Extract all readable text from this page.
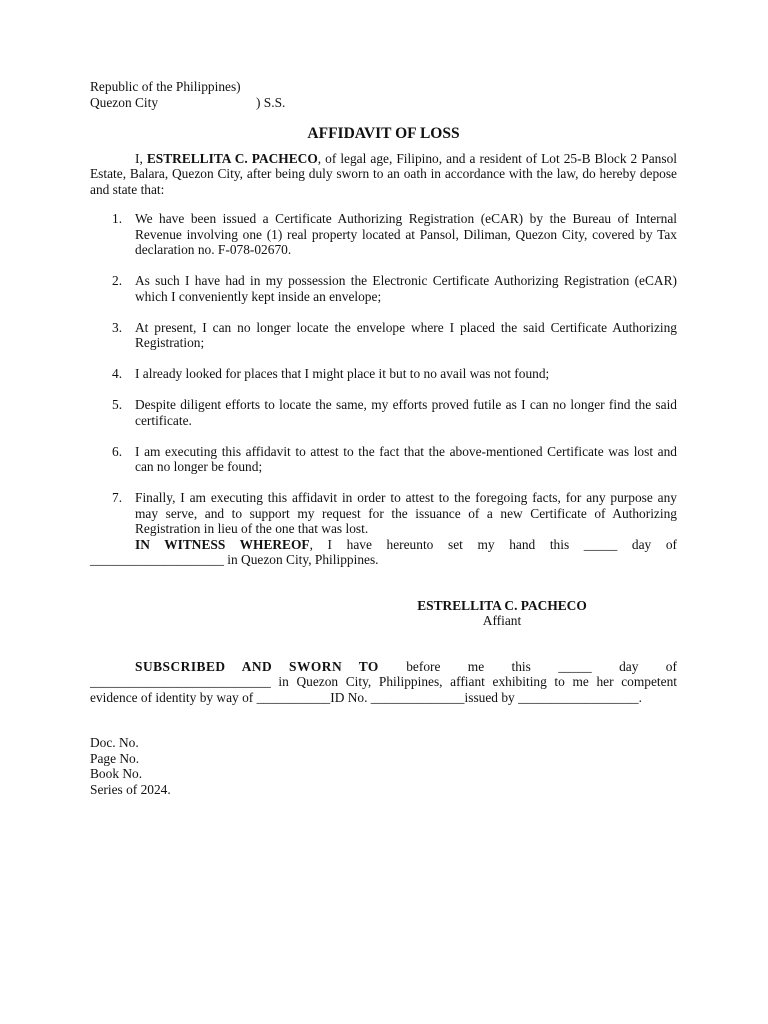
Republic of the Philippines)
Quezon City	) S.S.
AFFIDAVIT OF LOSS

I, ESTRELLITA C. PACHECO, of legal age, Filipino, and a resident of Lot 25-B Block 2 Pansol Estate, Balara, Quezon City, after being duly sworn to an oath in accordance with the law, do hereby depose and state that:

1. We have been issued a Certificate Authorizing Registration (eCAR) by the Bureau of Internal Revenue involving one (1) real property located at Pansol, Diliman, Quezon City, covered by Tax declaration no. F-078-02670.
2. As such I have had in my possession the Electronic Certificate Authorizing Registration (eCAR) which I conveniently kept inside an envelope;
3. At present, I can no longer locate the envelope where I placed the said Certificate Authorizing Registration;
4. I already looked for places that I might place it but to no avail was not found;
5. Despite diligent efforts to locate the same, my efforts proved futile as I can no longer find the said certificate.
6. I am executing this affidavit to attest to the fact that the above-mentioned Certificate was lost and can no longer be found;
7. Finally, I am executing this affidavit in order to attest to the foregoing facts, for any purpose any may serve, and to support my request for the issuance of a new Certificate of Authorizing Registration in lieu of the one that was lost.

IN WITNESS WHEREOF, I have hereunto set my hand this _____ day of ____________________ in Quezon City, Philippines.

ESTRELLITA C. PACHECO
Affiant
SUBSCRIBED AND SWORN TO before me this _____ day of

___________________________ in Quezon City, Philippines, affiant exhibiting to me her competent evidence of identity by way of ___________ID No. ______________issued by __________________.

Doc. No.
Page No.
Book No.
Series of 2024.
